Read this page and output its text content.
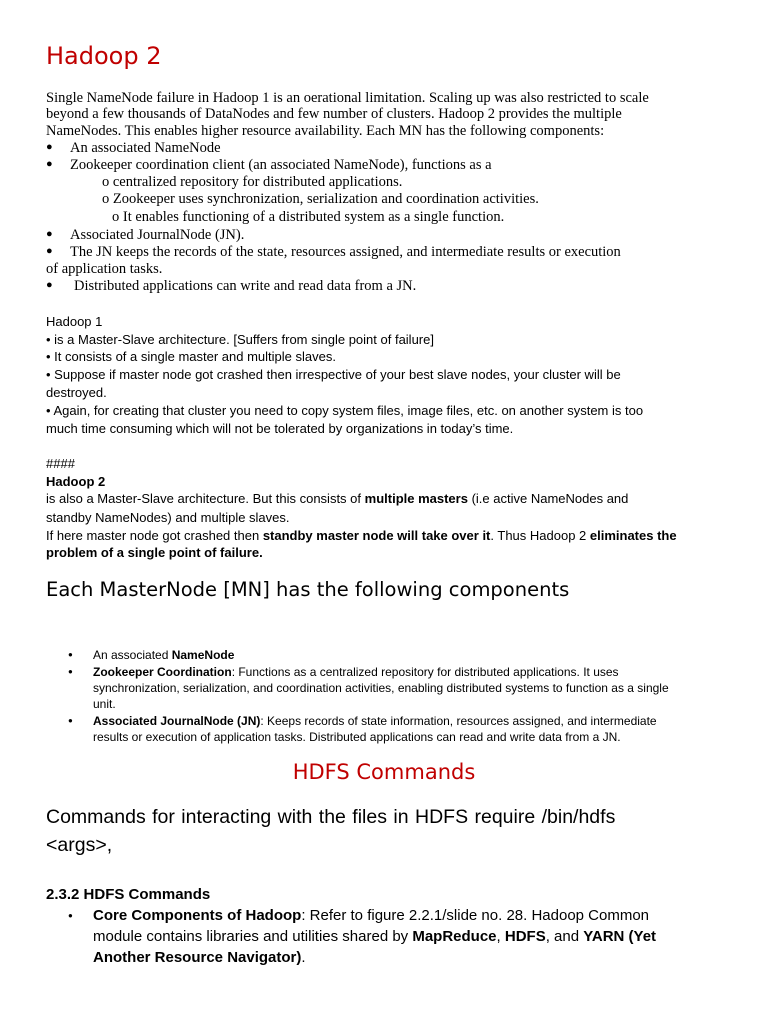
Hadoop 2
Single NameNode failure in Hadoop 1 is an oerational limitation. Scaling up was also restricted to scale
beyond a few thousands of DataNodes and few number of clusters. Hadoop 2 provides the multiple
NameNodes. This enables higher resource availability. Each MN has the following components:
● An associated NameNode
● Zookeeper coordination client (an associated NameNode), functions as a
o centralized repository for distributed applications.
o Zookeeper uses synchronization, serialization and coordination activities.
o It enables functioning of a distributed system as a single function.
● Associated JournalNode (JN).
● The JN keeps the records of the state, resources assigned, and intermediate results or execution
of application tasks.
● Distributed applications can write and read data from a JN.
Hadoop 1
• is a Master-Slave architecture. [Suffers from single point of failure]
• It consists of a single master and multiple slaves.
• Suppose if master node got crashed then irrespective of your best slave nodes, your cluster will be
destroyed.
• Again, for creating that cluster you need to copy system files, image files, etc. on another system is too
much time consuming which will not be tolerated by organizations in today’s time.
####
Hadoop 2
is also a Master-Slave architecture. But this consists of multiple masters (i.e active NameNodes and
standby NameNodes) and multiple slaves.
If here master node got crashed then standby master node will take over it. Thus Hadoop 2 eliminates the
problem of a single point of failure.
Each MasterNode [MN] has the following components
● An associated NameNode
● Zookeeper Coordination: Functions as a centralized repository for distributed applications. It uses
synchronization, serialization, and coordination activities, enabling distributed systems to function as a single
unit.
● Associated JournalNode (JN): Keeps records of state information, resources assigned, and intermediate
results or execution of application tasks. Distributed applications can read and write data from a JN.
HDFS Commands
Commands for interacting with the files in HDFS require /bin/hdfs
<args>,
2.3.2 HDFS Commands
● Core Components of Hadoop: Refer to figure 2.2.1/slide no. 28. Hadoop Common
module contains libraries and utilities shared by MapReduce, HDFS, and YARN (Yet
Another Resource Navigator).
